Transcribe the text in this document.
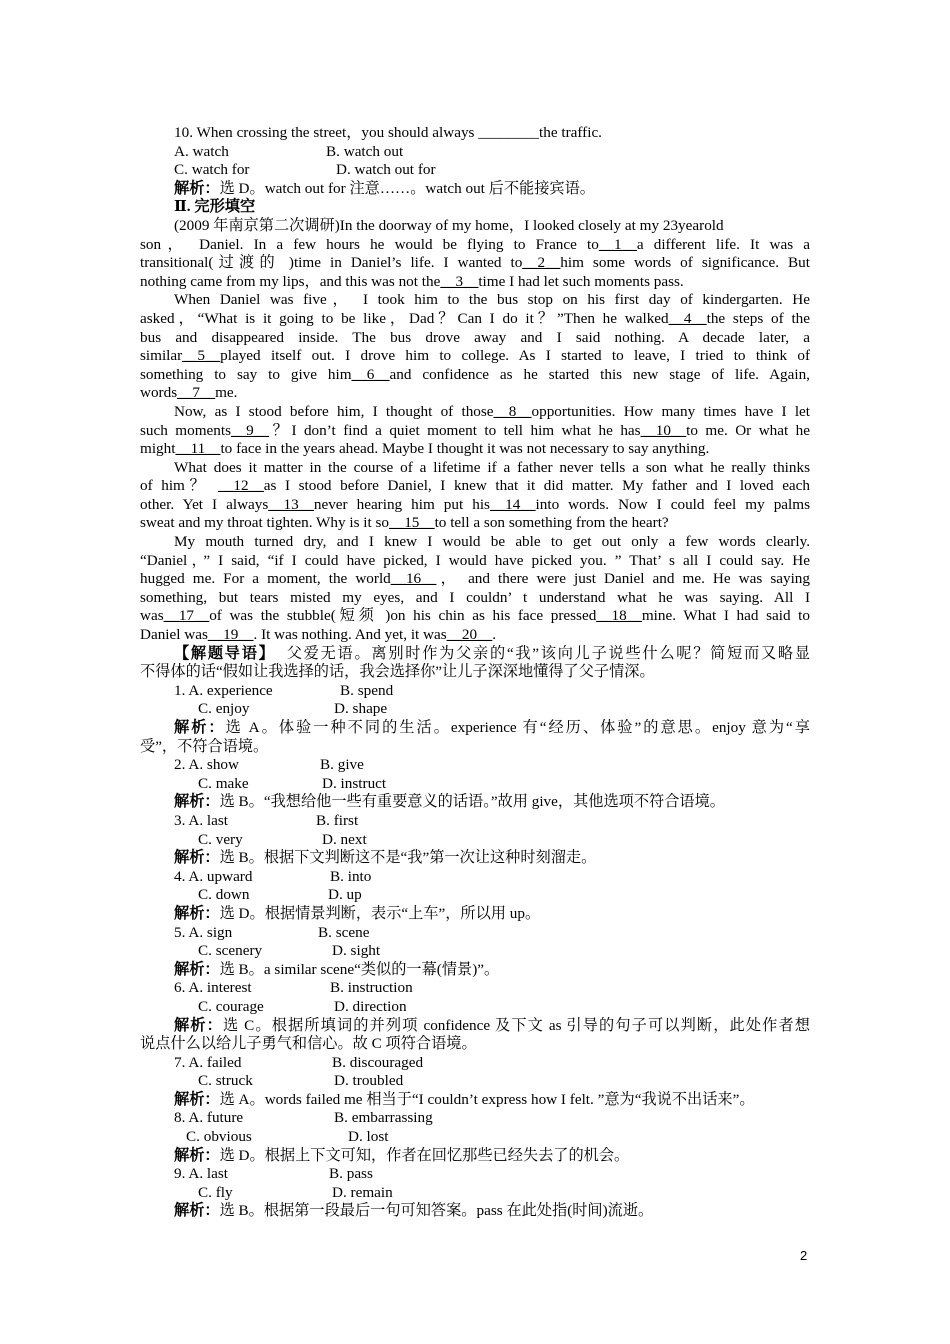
10. When crossing the street，you should always ________the traffic.
A. watch	B. watch out
C. watch for	D. watch out for
解析：选 D。watch out for 注意……。watch out 后不能接宾语。
Ⅱ. 完形填空
(2009 年南京第二次调研)In the doorway of my home，I looked closely at my 23yearold
son， Daniel. In a few hours he would be flying to France to__1__a different life. It was a
transitional(过渡的 )time in Daniel’s life. I wanted to__2__him some words of significance. But
nothing came from my lips，and this was not the__3__time I had let such moments pass.
When Daniel was five， I took him to the bus stop on his first day of kindergarten. He
asked，“What is it going to be like，Dad？Can I do it？”Then he walked__4__the steps of the
bus and disappeared inside. The bus drove away and I said nothing. A decade later, a
similar__5__played itself out. I drove him to college. As I started to leave, I tried to think of
something to say to give him__6__and confidence as he started this new stage of life. Again,
words__7__me.
Now, as I stood before him, I thought of those__8__opportunities. How many times have I let
such moments__9__？I don’t find a quiet moment to tell him what he has__10__to me. Or what he
might__11__to face in the years ahead. Maybe I thought it was not necessary to say anything.
What does it matter in the course of a lifetime if a father never tells a son what he really thinks
of him？ __12__as I stood before Daniel, I knew that it did matter. My father and I loved each
other. Yet I always__13__never hearing him put his__14__into words. Now I could feel my palms
sweat and my throat tighten. Why is it so__15__to tell a son something from the heart?
My mouth turned dry, and I knew I would be able to get out only a few words clearly.
“Daniel，” I said, “if I could have picked, I would have picked you. ” That’ s all I could say. He
hugged me. For a moment, the world__16__， and there were just Daniel and me. He was saying
something, but tears misted my eyes, and I couldn’ t understand what he was saying. All I
was__17__of was the stubble(短须 )on his chin as his face pressed__18__mine. What I had said to
Daniel was__19__. It was nothing. And yet, it was__20__.
【解题导语】 父爱无语。离别时作为父亲的“我”该向儿子说些什么呢？简短而又略显
不得体的话“假如让我选择的话，我会选择你”让儿子深深地懂得了父子情深。
1. A. experience	B. spend
C. enjoy	D. shape
解析：选 A。体验一种不同的生活。experience 有“经历、体验”的意思。enjoy 意为“享
受”，不符合语境。
2. A. show	B. give
C. make	D. instruct
解析：选 B。“我想给他一些有重要意义的话语。”故用 give，其他选项不符合语境。
3. A. last	B. first
C. very	D. next
解析：选 B。根据下文判断这不是“我”第一次让这种时刻溜走。
4. A. upward	B. into
C. down	D. up
解析：选 D。根据情景判断，表示“上车”，所以用 up。
5. A. sign	B. scene
C. scenery	D. sight
解析：选 B。a similar scene“类似的一幕(情景)”。
6. A. interest	B. instruction
C. courage	D. direction
解析：选 C。根据所填词的并列项 confidence 及下文 as 引导的句子可以判断，此处作者想
说点什么以给儿子勇气和信心。故 C 项符合语境。
7. A. failed	B. discouraged
C. struck	D. troubled
解析：选 A。words failed me 相当于“I couldn’t express how I felt. ”意为“我说不出话来”。
8. A. future	B. embarrassing
C. obvious	D. lost
解析：选 D。根据上下文可知，作者在回忆那些已经失去了的机会。
9. A. last	B. pass
C. fly	D. remain
解析：选 B。根据第一段最后一句可知答案。pass 在此处指(时间)流逝。
2
